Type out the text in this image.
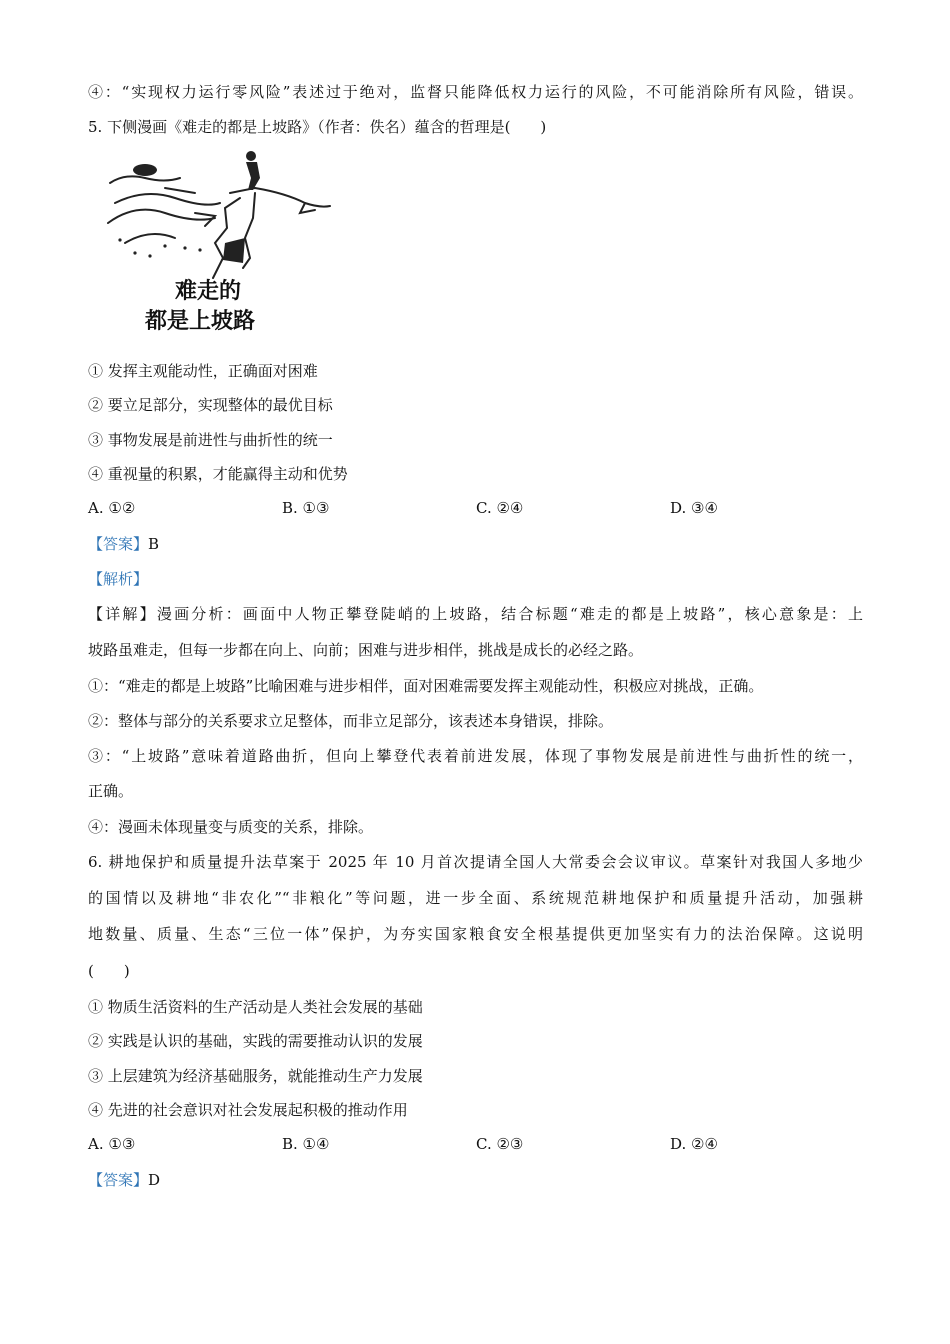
④：“实现权力运行零风险”表述过于绝对，监督只能降低权力运行的风险，不可能消除所有风险，错误。
5. 下侧漫画《难走的都是上坡路》（作者：佚名）蕴含的哲理是(　　)
难走的
都是上坡路
① 发挥主观能动性，正确面对困难
② 要立足部分，实现整体的最优目标
③ 事物发展是前进性与曲折性的统一
④ 重视量的积累，才能赢得主动和优势
A. ①②	B. ①③	C. ②④	D. ③④
【答案】B
【解析】
【详解】漫画分析：画面中人物正攀登陡峭的上坡路，结合标题“难走的都是上坡路”，核心意象是：上
坡路虽难走，但每一步都在向上、向前；困难与进步相伴，挑战是成长的必经之路。
①：“难走的都是上坡路”比喻困难与进步相伴，面对困难需要发挥主观能动性，积极应对挑战，正确。
②：整体与部分的关系要求立足整体，而非立足部分，该表述本身错误，排除。
③：“上坡路”意味着道路曲折，但向上攀登代表着前进发展，体现了事物发展是前进性与曲折性的统一，
正确。
④：漫画未体现量变与质变的关系，排除。
6. 耕地保护和质量提升法草案于 2025 年 10 月首次提请全国人大常委会会议审议。草案针对我国人多地少
的国情以及耕地“非农化”“非粮化”等问题，进一步全面、系统规范耕地保护和质量提升活动，加强耕
地数量、质量、生态“三位一体”保护，为夯实国家粮食安全根基提供更加坚实有力的法治保障。这说明
(　　)
① 物质生活资料的生产活动是人类社会发展的基础
② 实践是认识的基础，实践的需要推动认识的发展
③ 上层建筑为经济基础服务，就能推动生产力发展
④ 先进的社会意识对社会发展起积极的推动作用
A. ①③	B. ①④	C. ②③	D. ②④
【答案】D
